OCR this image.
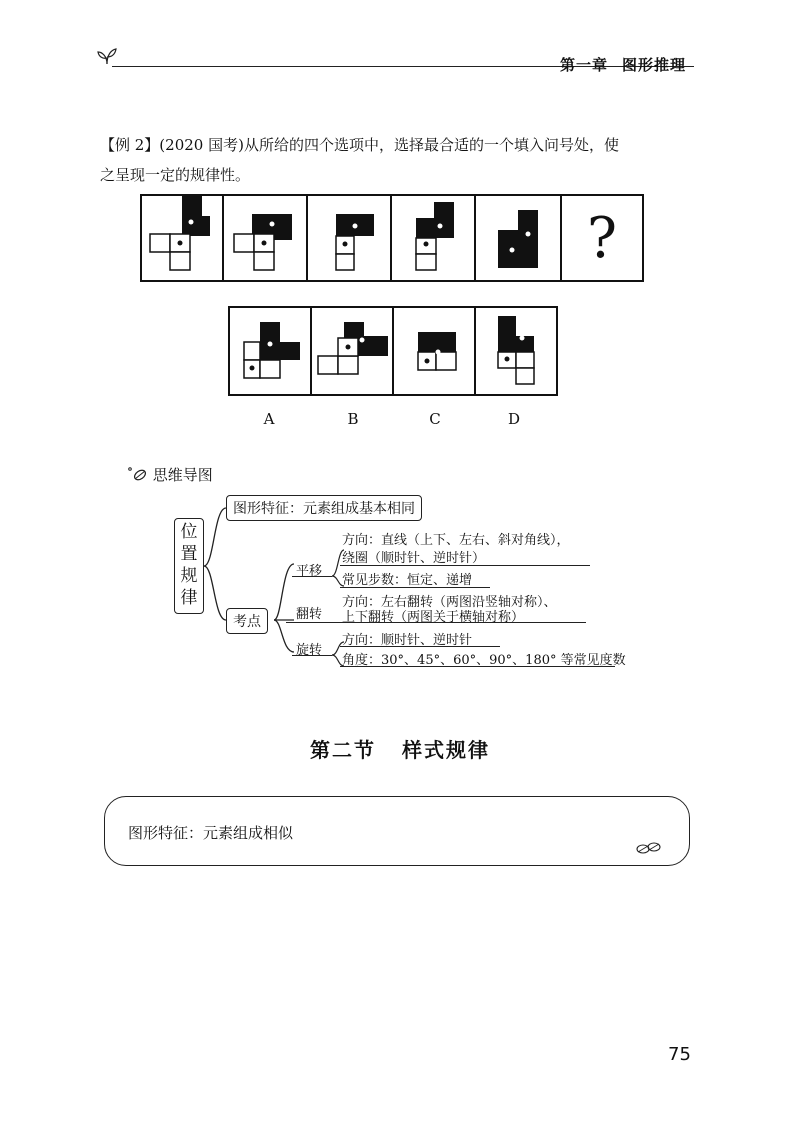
第一章 图形推理
【例 2】(2020 国考)从所给的四个选项中，选择最合适的一个填入问号处，使
之呈现一定的规律性。
?
A	B	C	D
思维导图
位
置
规
律
图形特征：元素组成基本相同
考点
平移
方向：直线（上下、左右、斜对角线），
绕圈（顺时针、逆时针）
常见步数：恒定、递增
翻转
方向：左右翻转（两图沿竖轴对称）、
上下翻转（两图关于横轴对称）
旋转
方向：顺时针、逆时针
角度：30°、45°、60°、90°、180° 等常见度数
第二节 样式规律
图形特征：元素组成相似
75
